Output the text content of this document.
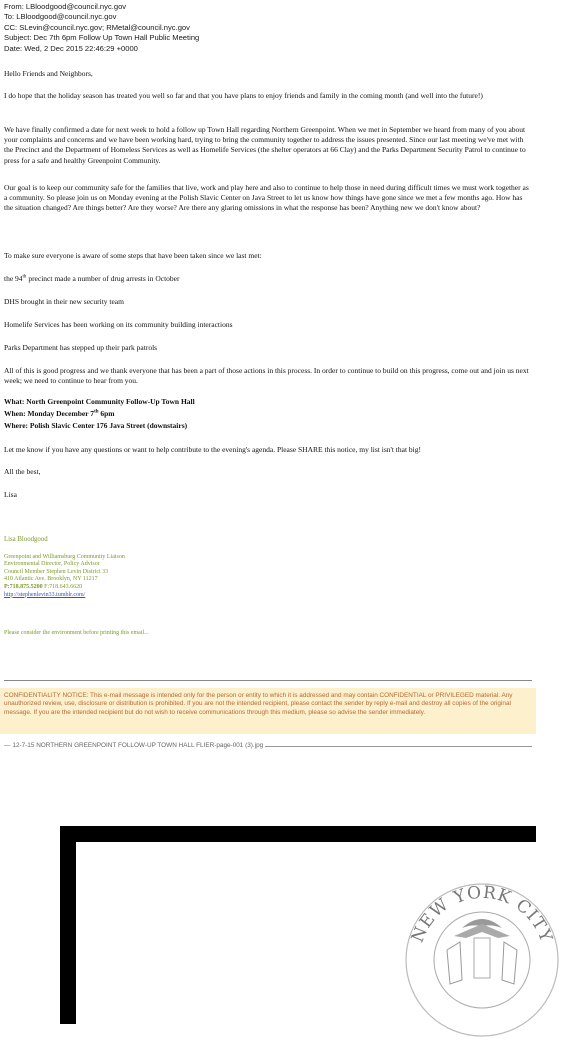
From: LBloodgood@council.nyc.gov
To: LBloodgood@council.nyc.gov
CC: SLevin@council.nyc.gov; RMetal@council.nyc.gov
Subject: Dec 7th 6pm Follow Up Town Hall Public Meeting
Date: Wed, 2 Dec 2015 22:46:29 +0000

Hello Friends and Neighbors,

I do hope that the holiday season has treated you well so far and that you have plans to enjoy friends and family in the coming month (and well into the future!)

We have finally confirmed a date for next week to hold a follow up Town Hall regarding Northern Greenpoint. When we met in September we heard from many of you about your complaints and concerns and we have been working hard, trying to bring the community together to address the issues presented. Since our last meeting we've met with the Precinct and the Department of Homeless Services as well as Homelife Services (the shelter operators at 66 Clay) and the Parks Department Security Patrol to continue to press for a safe and healthy Greenpoint Community.

Our goal is to keep our community safe for the families that live, work and play here and also to continue to help those in need during difficult times we must work together as a community. So please join us on Monday evening at the Polish Slavic Center on Java Street to let us know how things have gone since we met a few months ago. How has the situation changed? Are things better? Are they worse? Are there any glaring omissions in what the response has been? Anything new we don't know about?

To make sure everyone is aware of some steps that have been taken since we last met:

the 94th precinct made a number of drug arrests in October

DHS brought in their new security team

Homelife Services has been working on its community building interactions

Parks Department has stepped up their park patrols

All of this is good progress and we thank everyone that has been a part of those actions in this process. In order to continue to build on this progress, come out and join us next week; we need to continue to hear from you.

What: North Greenpoint Community Follow-Up Town Hall

When: Monday December 7th 6pm

Where: Polish Slavic Center 176 Java Street (downstairs)

Let me know if you have any questions or want to help contribute to the evening's agenda. Please SHARE this notice, my list isn't that big!

All the best,

Lisa

Lisa Bloodgood
Greenpoint and Williamsburg Community Liaison
Environmental Director, Policy Advisor
Council Member Stephen Levin District 33
410 Atlantic Ave. Brooklyn, NY 11217
P:718.875.5200 F:718.643.6620
http://stephenlevin33.tumblr.com/
Please consider the environment before printing this email...

CONFIDENTIALITY NOTICE: This e-mail message is intended only for the person or entity to which it is addressed and may contain CONFIDENTIAL or PRIVILEGED material. Any unauthorized review, use, disclosure or distribution is prohibited. If you are not the intended recipient, please contact the sender by reply e-mail and destroy all copies of the original message. If you are the intended recipient but do not wish to receive communications through this medium, please so advise the sender immediately.

— 12-7-15 NORTHERN GREENPOINT FOLLOW-UP TOWN HALL FLIER-page-001 (3).jpg
NEW YORK CITY
